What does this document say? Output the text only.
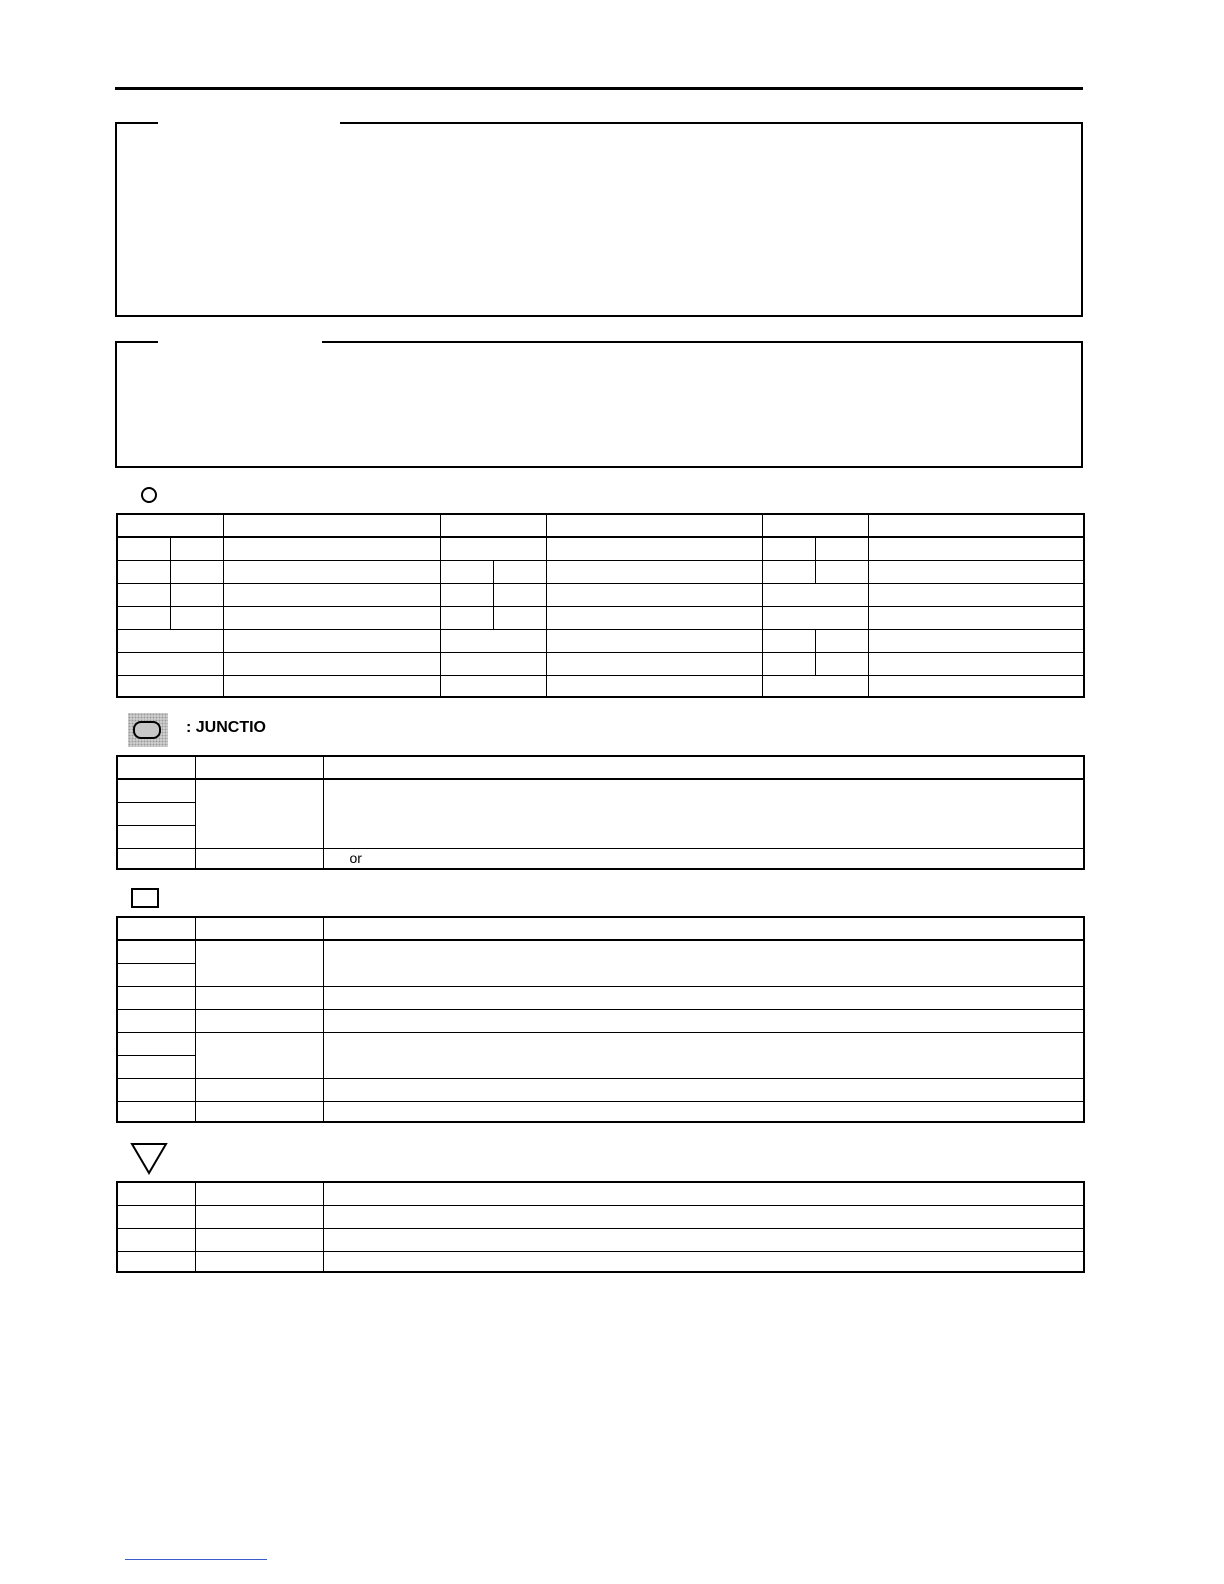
: JUNCTIO

		or
